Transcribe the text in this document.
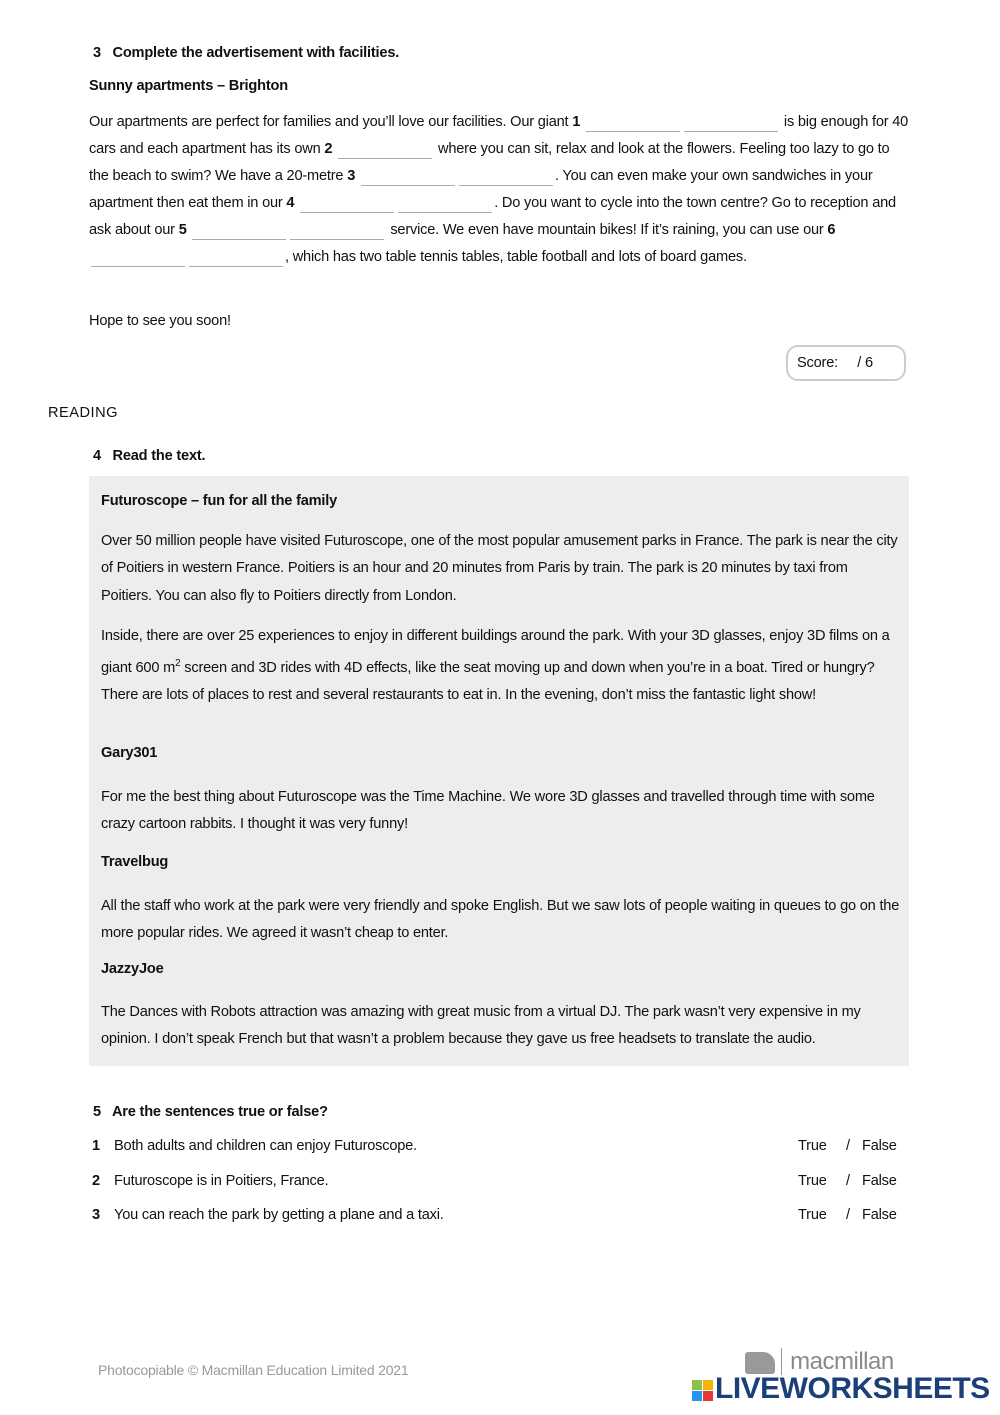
3 Complete the advertisement with facilities.
Sunny apartments – Brighton
Our apartments are perfect for families and you’ll love our facilities. Our giant 1	is big enough for 40 cars and each apartment has its own 2	where you can sit, relax and look at the flowers. Feeling too lazy to go to the beach to swim? We have a 20-metre 3	. You can even make your own sandwiches in your apartment then eat them in our 4	. Do you want to cycle into the town centre? Go to reception and ask about our 5	service. We even have mountain bikes! If it’s raining, you can use our 6 , which has two table tennis tables, table football and lots of board games.
Hope to see you soon!
Score: / 6
READING
4 Read the text.
Futuroscope – fun for all the family
Over 50 million people have visited Futuroscope, one of the most popular amusement parks in France. The park is near the city of Poitiers in western France. Poitiers is an hour and 20 minutes from Paris by train. The park is 20 minutes by taxi from Poitiers. You can also fly to Poitiers directly from London.
Inside, there are over 25 experiences to enjoy in different buildings around the park. With your 3D glasses, enjoy 3D films on a giant 600 $m^2$ screen and 3D rides with 4D effects, like the seat moving up and down when you’re in a boat. Tired or hungry? There are lots of places to rest and several restaurants to eat in. In the evening, don’t miss the fantastic light show!
Gary301
For me the best thing about Futuroscope was the Time Machine. We wore 3D glasses and travelled through time with some crazy cartoon rabbits. I thought it was very funny!
Travelbug
All the staff who work at the park were very friendly and spoke English. But we saw lots of people waiting in queues to go on the more popular rides. We agreed it wasn’t cheap to enter.
JazzyJoe
The Dances with Robots attraction was amazing with great music from a virtual DJ. The park wasn’t very expensive in my opinion. I don’t speak French but that wasn’t a problem because they gave us free headsets to translate the audio.
5 Are the sentences true or false?
1 Both adults and children can enjoy Futuroscope.	True / False
2 Futuroscope is in Poitiers, France.	True / False
3 You can reach the park by getting a plane and a taxi.	True / False
Photocopiable © Macmillan Education Limited 2021	macmillan
LIVEWORKSHEETS
